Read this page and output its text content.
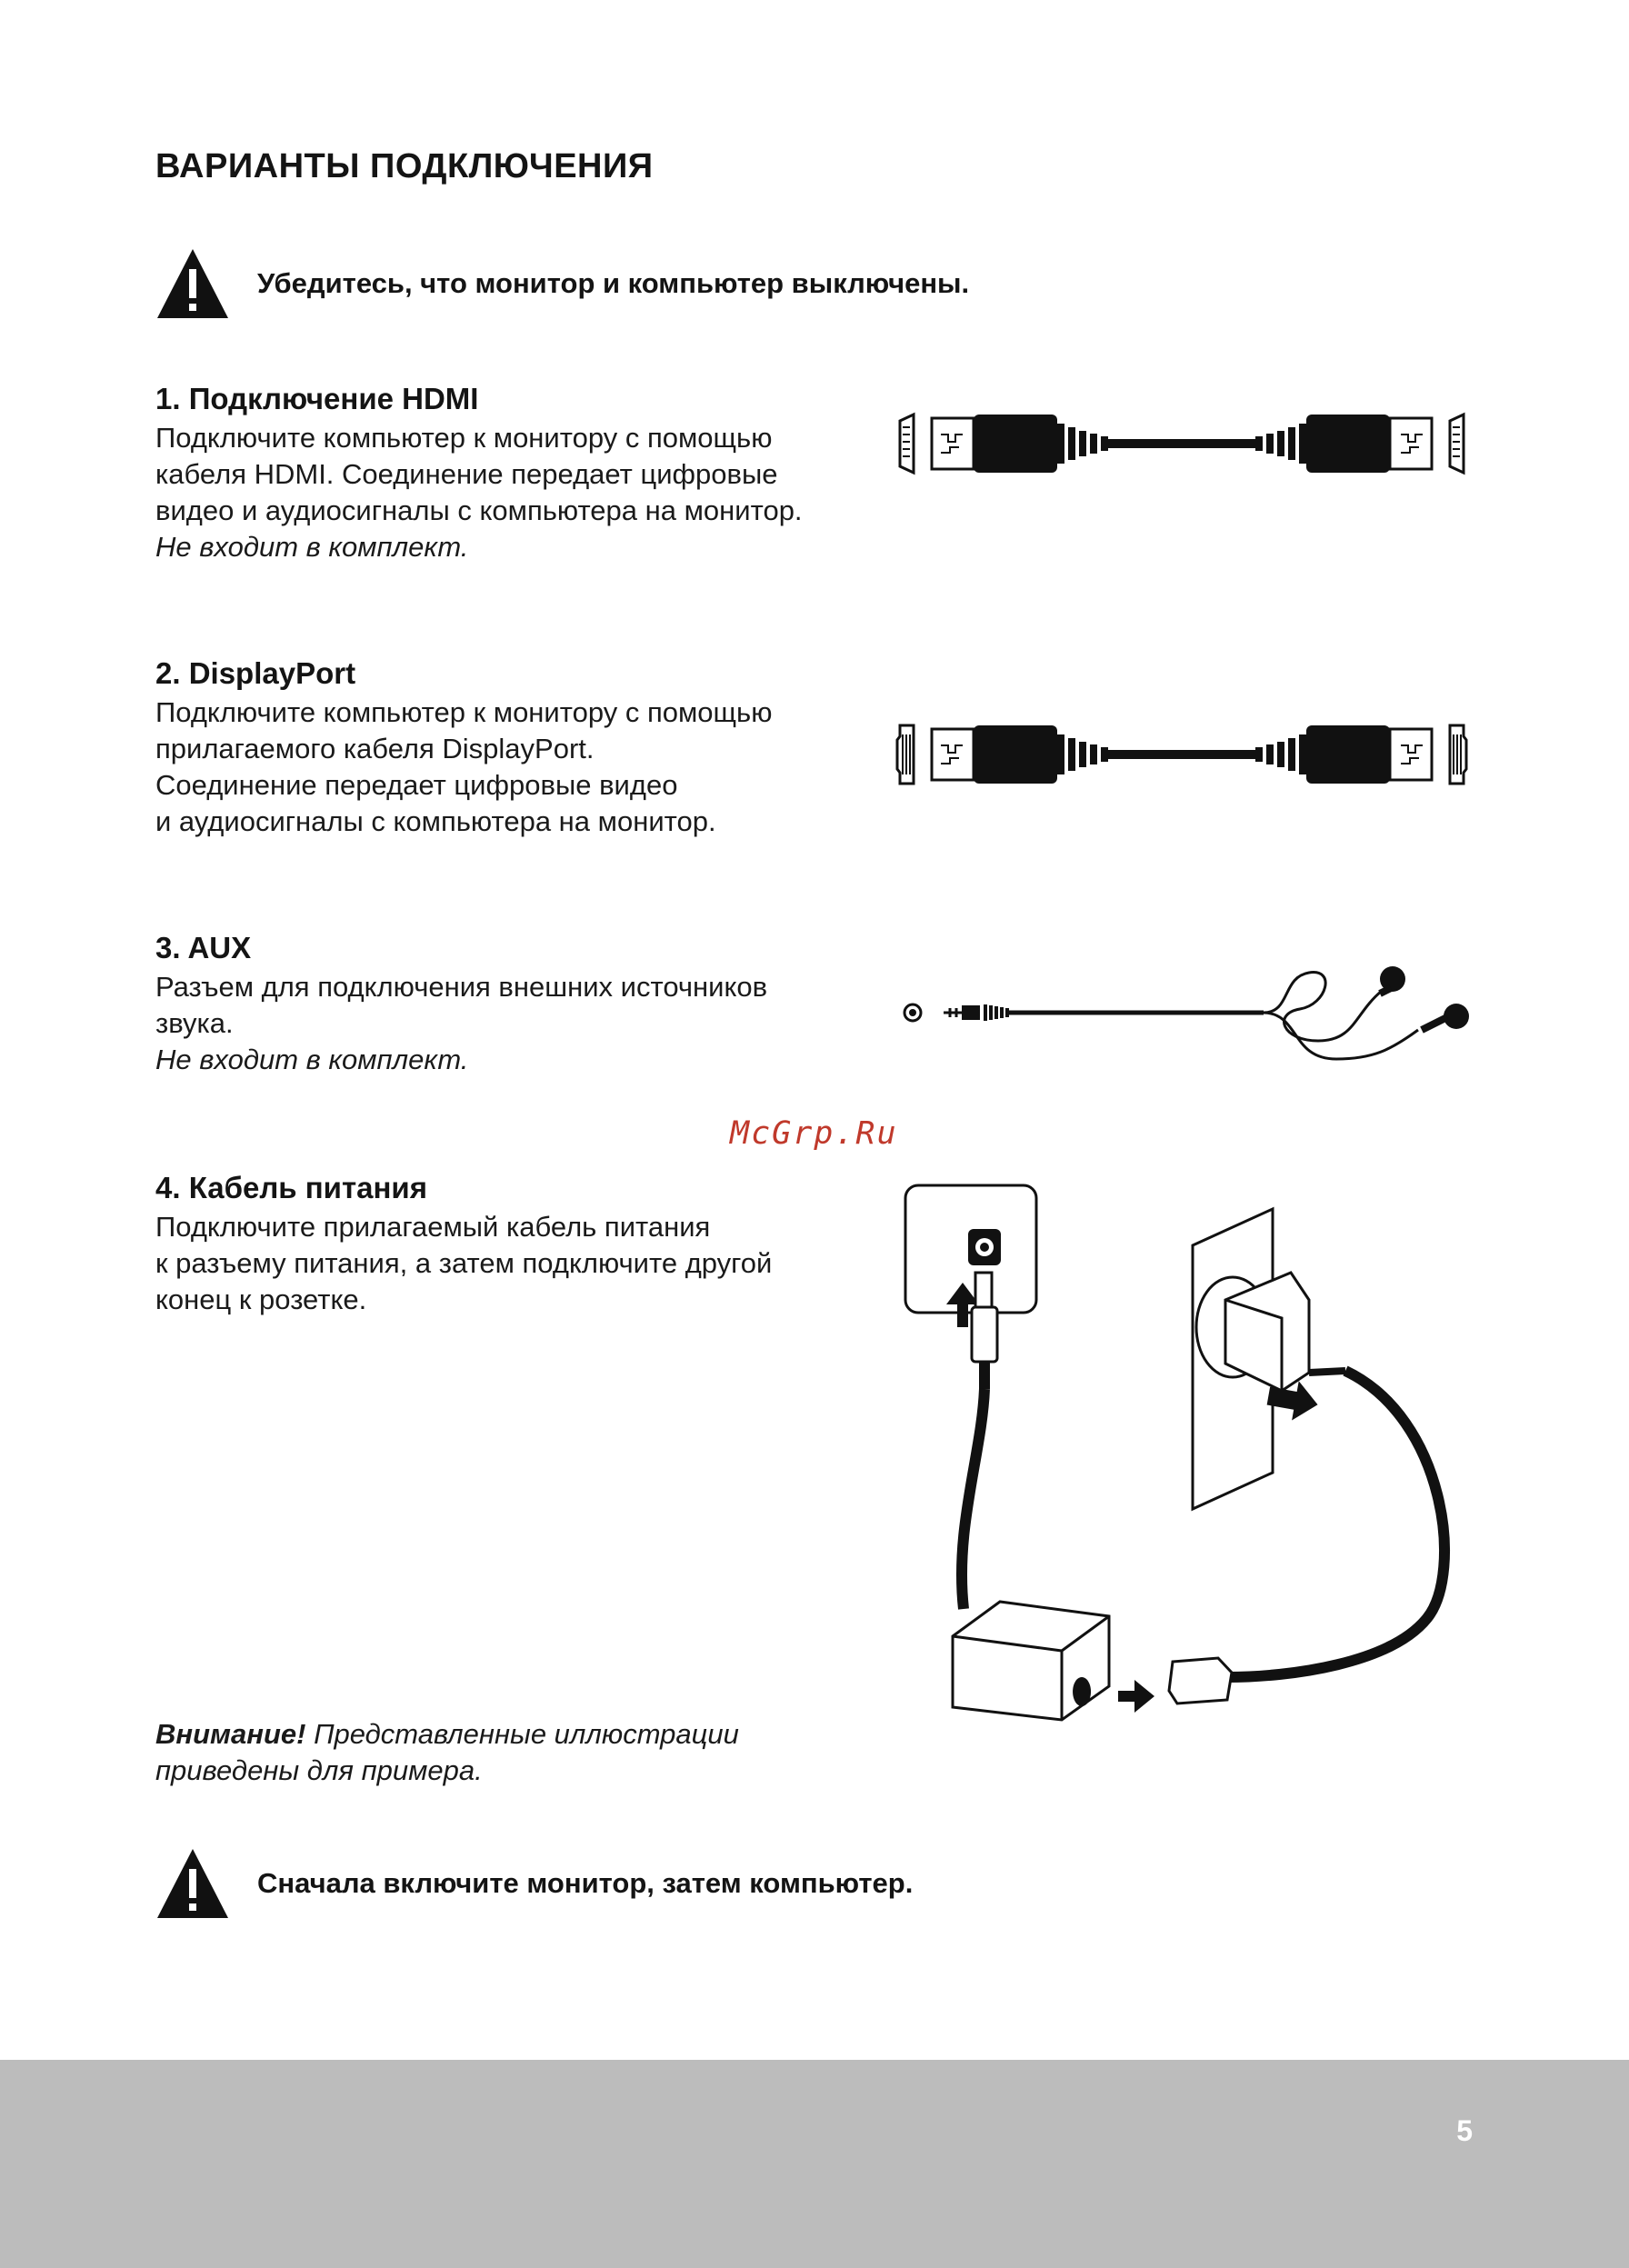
ВАРИАНТЫ ПОДКЛЮЧЕНИЯ
Убедитесь, что монитор и компьютер выключены.
1. Подключение HDMI

Подключите компьютер к монитору с помощью

кабеля HDMI. Соединение передает цифровые

видео и аудиосигналы с компьютера на монитор.

Не входит в комплект.

2. DisplayPort

Подключите компьютер к монитору с помощью

прилагаемого кабеля DisplayPort.

Соединение передает цифровые видео

и аудиосигналы с компьютера на монитор.

3. AUX

Разъем для подключения внешних источников

звука.

Не входит в комплект.

McGrp.Ru
4. Кабель питания

Подключите прилагаемый кабель питания

к разъему питания, а затем подключите другой

конец к розетке.

Внимание! Представленные иллюстрации
приведены для примера.
Сначала включите монитор, затем компьютер.
5
